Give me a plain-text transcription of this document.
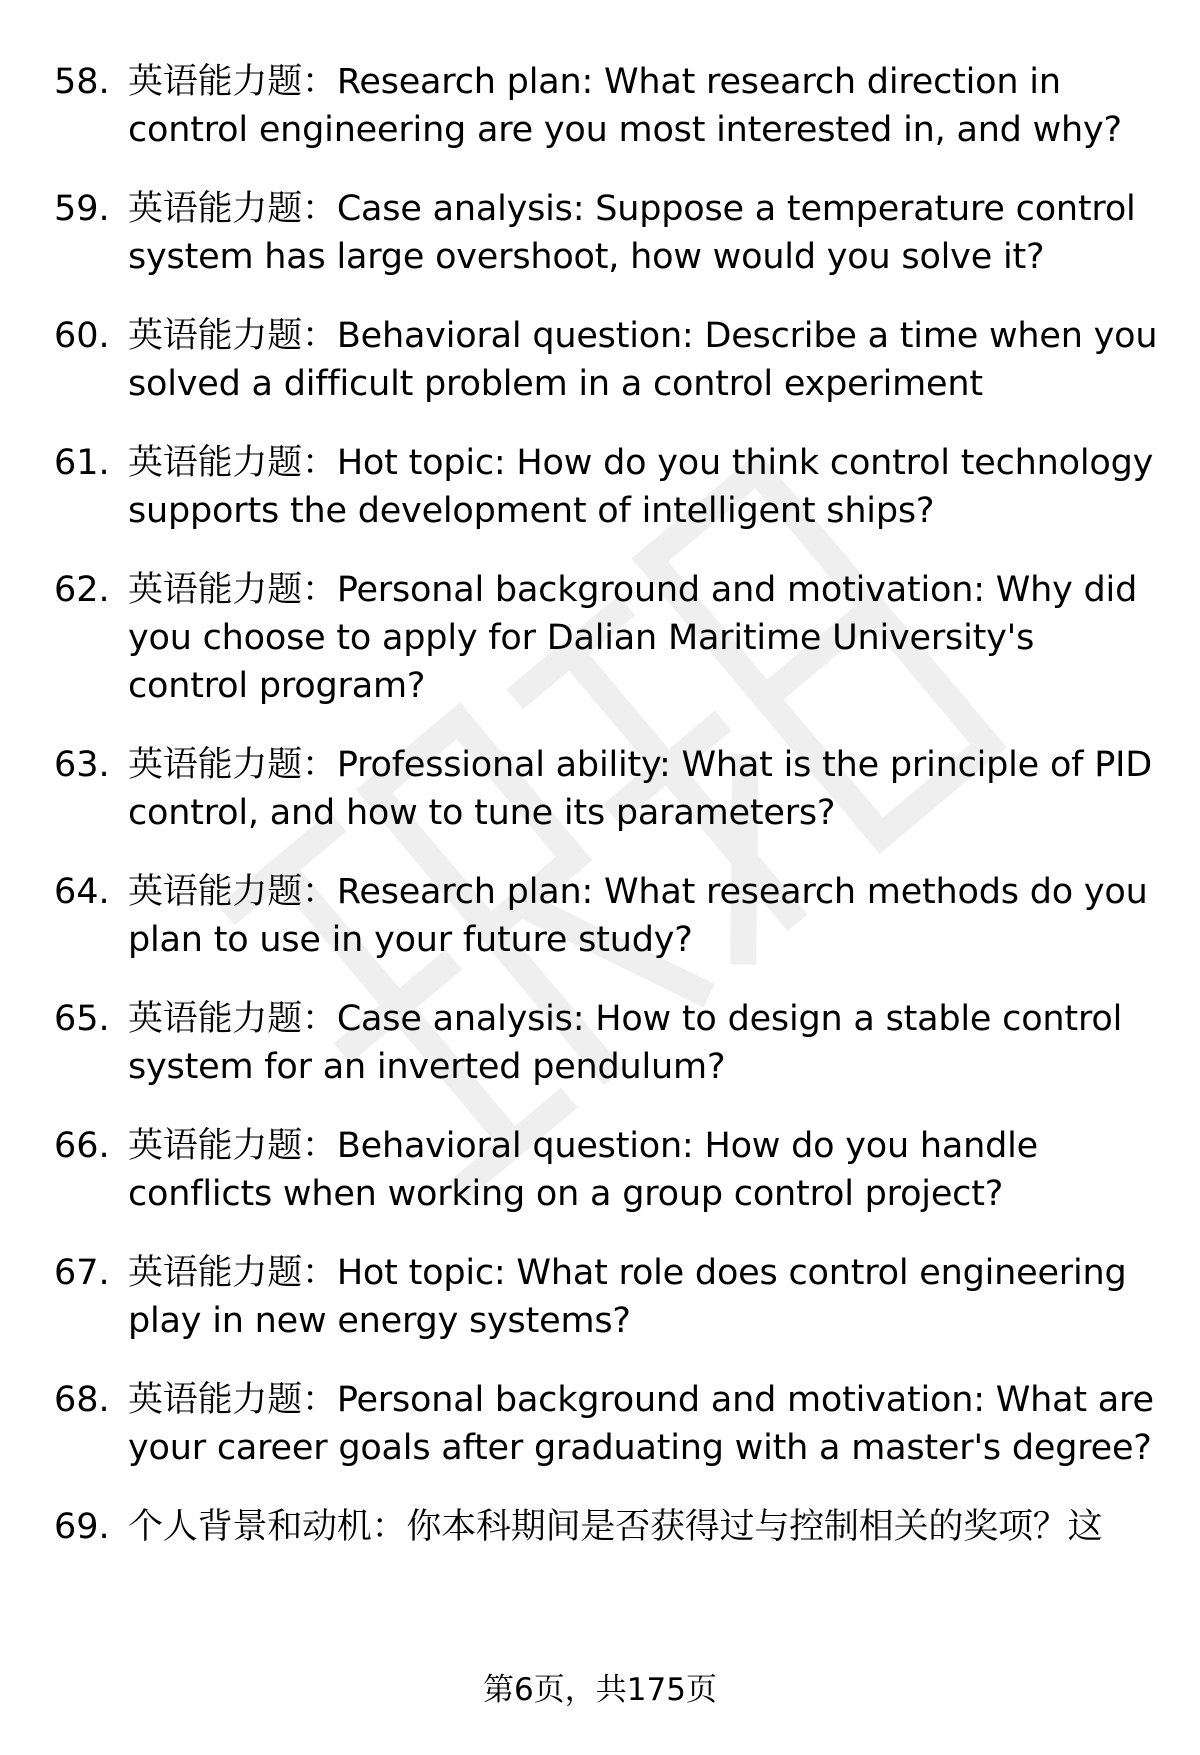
58. 英语能力题：Research plan: What research direction in control engineering are you most interested in, and why?
59. 英语能力题：Case analysis: Suppose a temperature control system has large overshoot, how would you solve it?
60. 英语能力题：Behavioral question: Describe a time when you solved a difficult problem in a control experiment
61. 英语能力题：Hot topic: How do you think control technology supports the development of intelligent ships?
62. 英语能力题：Personal background and motivation: Why did you choose to apply for Dalian Maritime University's control program?
63. 英语能力题：Professional ability: What is the principle of PID control, and how to tune its parameters?
64. 英语能力题：Research plan: What research methods do you plan to use in your future study?
65. 英语能力题：Case analysis: How to design a stable control system for an inverted pendulum?
66. 英语能力题：Behavioral question: How do you handle conflicts when working on a group control project?
67. 英语能力题：Hot topic: What role does control engineering play in new energy systems?
68. 英语能力题：Personal background and motivation: What are your career goals after graduating with a master's degree?
69. 个人背景和动机：你本科期间是否获得过与控制相关的奖项？这
第6页，共175页
